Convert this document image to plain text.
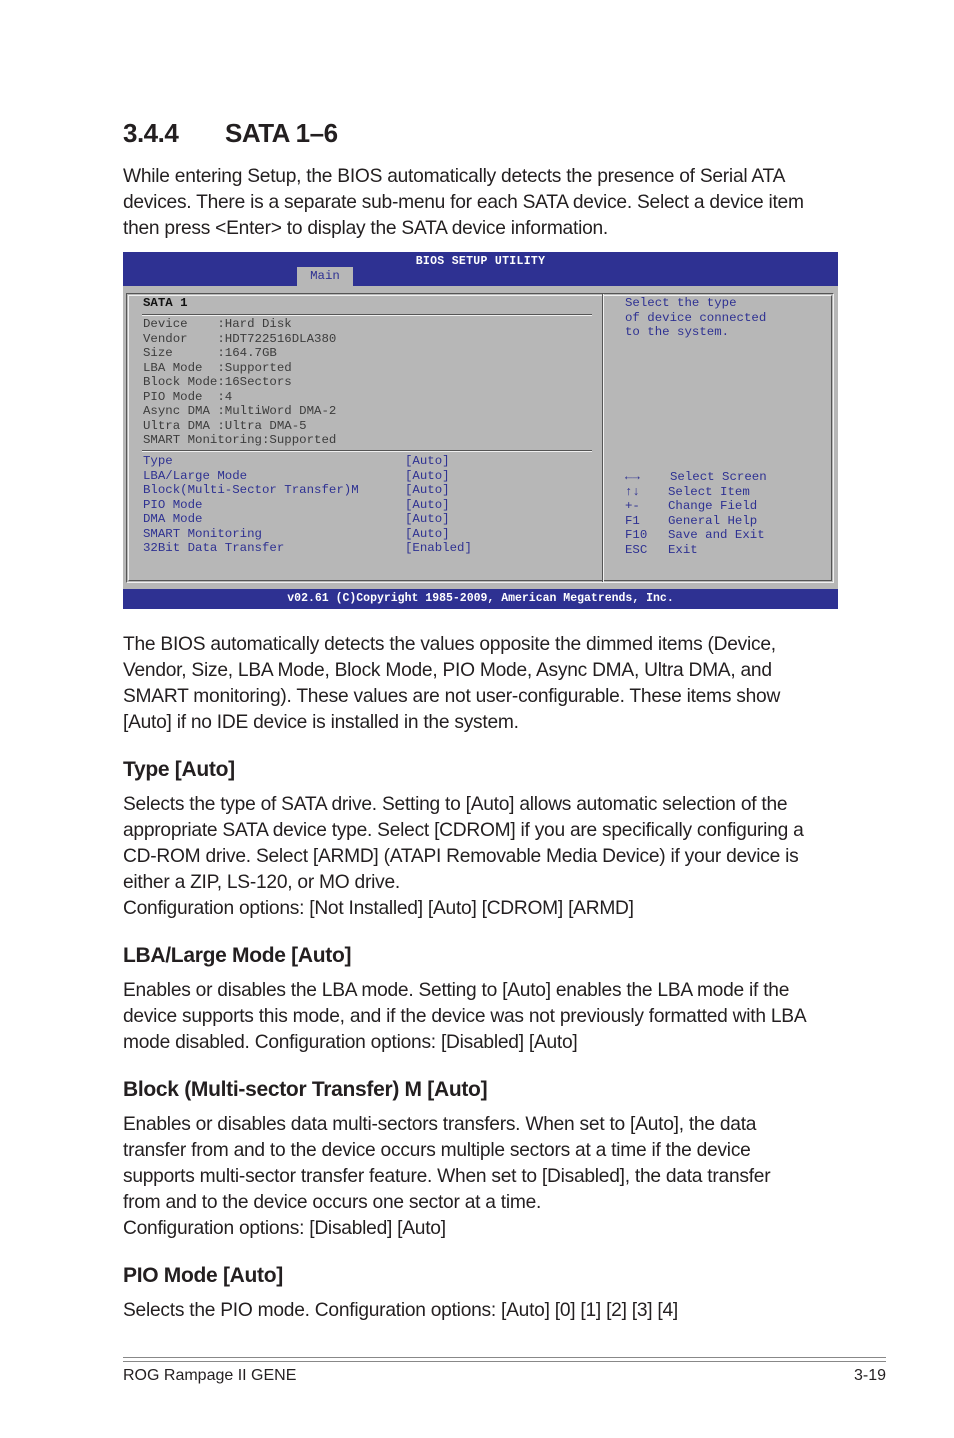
3.4.4 SATA 1–6

While entering Setup, the BIOS automatically detects the presence of Serial ATA

devices. There is a separate sub-menu for each SATA device. Select a device item

then press <Enter> to display the SATA device information.

BIOS SETUP UTILITY
Main
SATA 1
Device    :Hard Disk
Vendor    :HDT722516DLA380
Size      :164.7GB
LBA Mode  :Supported
Block Mode:16Sectors
PIO Mode  :4
Async DMA :MultiWord DMA-2
Ultra DMA :Ultra DMA-5
SMART Monitoring:Supported
Type	[Auto]
LBA/Large Mode	[Auto]
Block(Multi-Sector Transfer)M	[Auto]
PIO Mode	[Auto]
DMA Mode	[Auto]
SMART Monitoring	[Auto]
32Bit Data Transfer	[Enabled]
Select the type
of device connected
to the system.
←→ Select Screen
↑↓ Select Item
+- Change Field
F1 General Help
F10 Save and Exit
ESC Exit
v02.61 (C)Copyright 1985-2009, American Megatrends, Inc.

The BIOS automatically detects the values opposite the dimmed items (Device,

Vendor, Size, LBA Mode, Block Mode, PIO Mode, Async DMA, Ultra DMA, and

SMART monitoring). These values are not user-configurable. These items show

[Auto] if no IDE device is installed in the system.

Type [Auto]

Selects the type of SATA drive. Setting to [Auto] allows automatic selection of the

appropriate SATA device type. Select [CDROM] if you are specifically configuring a

CD-ROM drive. Select [ARMD] (ATAPI Removable Media Device) if your device is

either a ZIP, LS-120, or MO drive.

Configuration options: [Not Installed] [Auto] [CDROM] [ARMD]

LBA/Large Mode [Auto]

Enables or disables the LBA mode. Setting to [Auto] enables the LBA mode if the

device supports this mode, and if the device was not previously formatted with LBA

mode disabled. Configuration options: [Disabled] [Auto]

Block (Multi-sector Transfer) M [Auto]

Enables or disables data multi-sectors transfers. When set to [Auto], the data

transfer from and to the device occurs multiple sectors at a time if the device

supports multi-sector transfer feature. When set to [Disabled], the data transfer

from and to the device occurs one sector at a time.

Configuration options: [Disabled] [Auto]

PIO Mode [Auto]

Selects the PIO mode. Configuration options: [Auto] [0] [1] [2] [3] [4]

ROG Rampage II GENE	3-19
